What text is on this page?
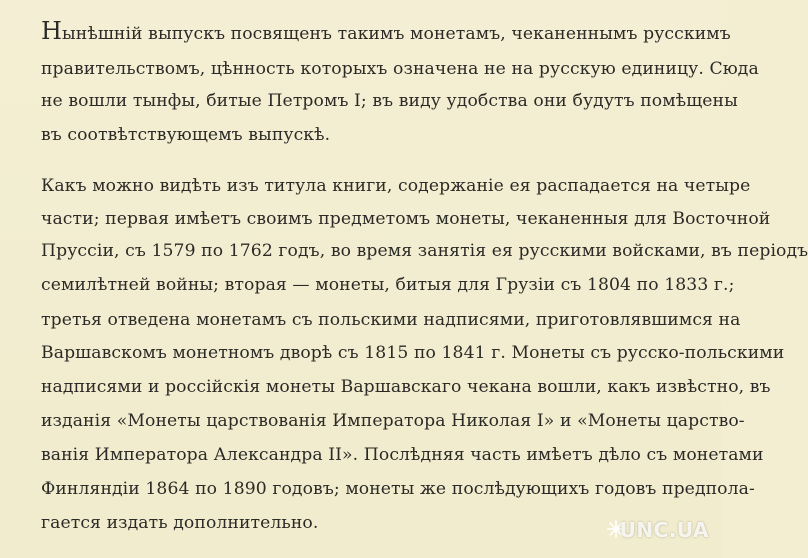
Нынѣшній выпускъ посвященъ такимъ монетамъ, чеканеннымъ русскимъ
правительствомъ, цѣнность которыхъ означена не на русскую единицу. Сюда
не вошли тынфы, битые Петромъ I; въ виду удобства они будутъ помѣщены
въ соотвѣтствующемъ выпускѣ.
Какъ можно видѣть изъ титула книги, содержаніе ея распадается на четыре
части; первая имѣетъ своимъ предметомъ монеты, чеканенныя для Восточной
Пруссіи, съ 1579 по 1762 годъ, во время занятія ея русскими войсками, въ періодъ
семилѣтней войны; вторая — монеты, битыя для Грузіи съ 1804 по 1833 г.;
третья отведена монетамъ съ польскими надписями, приготовлявшимся на
Варшавскомъ монетномъ дворѣ съ 1815 по 1841 г. Монеты съ русско-польскими
надписями и россійскія монеты Варшавскаго чекана вошли, какъ извѣстно, въ
изданія «Монеты царствованія Императора Николая I» и «Монеты царство-
ванія Императора Александра II». Послѣдняя часть имѣетъ дѣло съ монетами
Финляндіи 1864 по 1890 годовъ; монеты же послѣдующихъ годовъ предпола-
гается издать дополнительно.	UNC.UA
